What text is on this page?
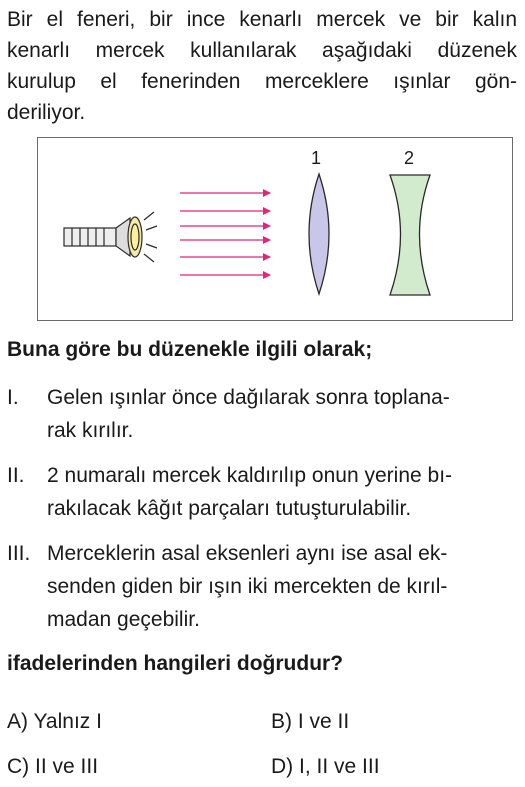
Bir el feneri, bir ince kenarlı mercek ve bir kalın
kenarlı mercek kullanılarak aşağıdaki düzenek
kurulup el fenerinden merceklere ışınlar gön-
deriliyor.
1	2
Buna göre bu düzenekle ilgili olarak;
I. Gelen ışınlar önce dağılarak sonra toplana-
rak kırılır.
II. 2 numaralı mercek kaldırılıp onun yerine bı-
rakılacak kâğıt parçaları tutuşturulabilir.
III. Merceklerin asal eksenleri aynı ise asal ek-
senden giden bir ışın iki mercekten de kırıl-
madan geçebilir.
ifadelerinden hangileri doğrudur?
A) Yalnız I	B) I ve II
C) II ve III	D) I, II ve III
